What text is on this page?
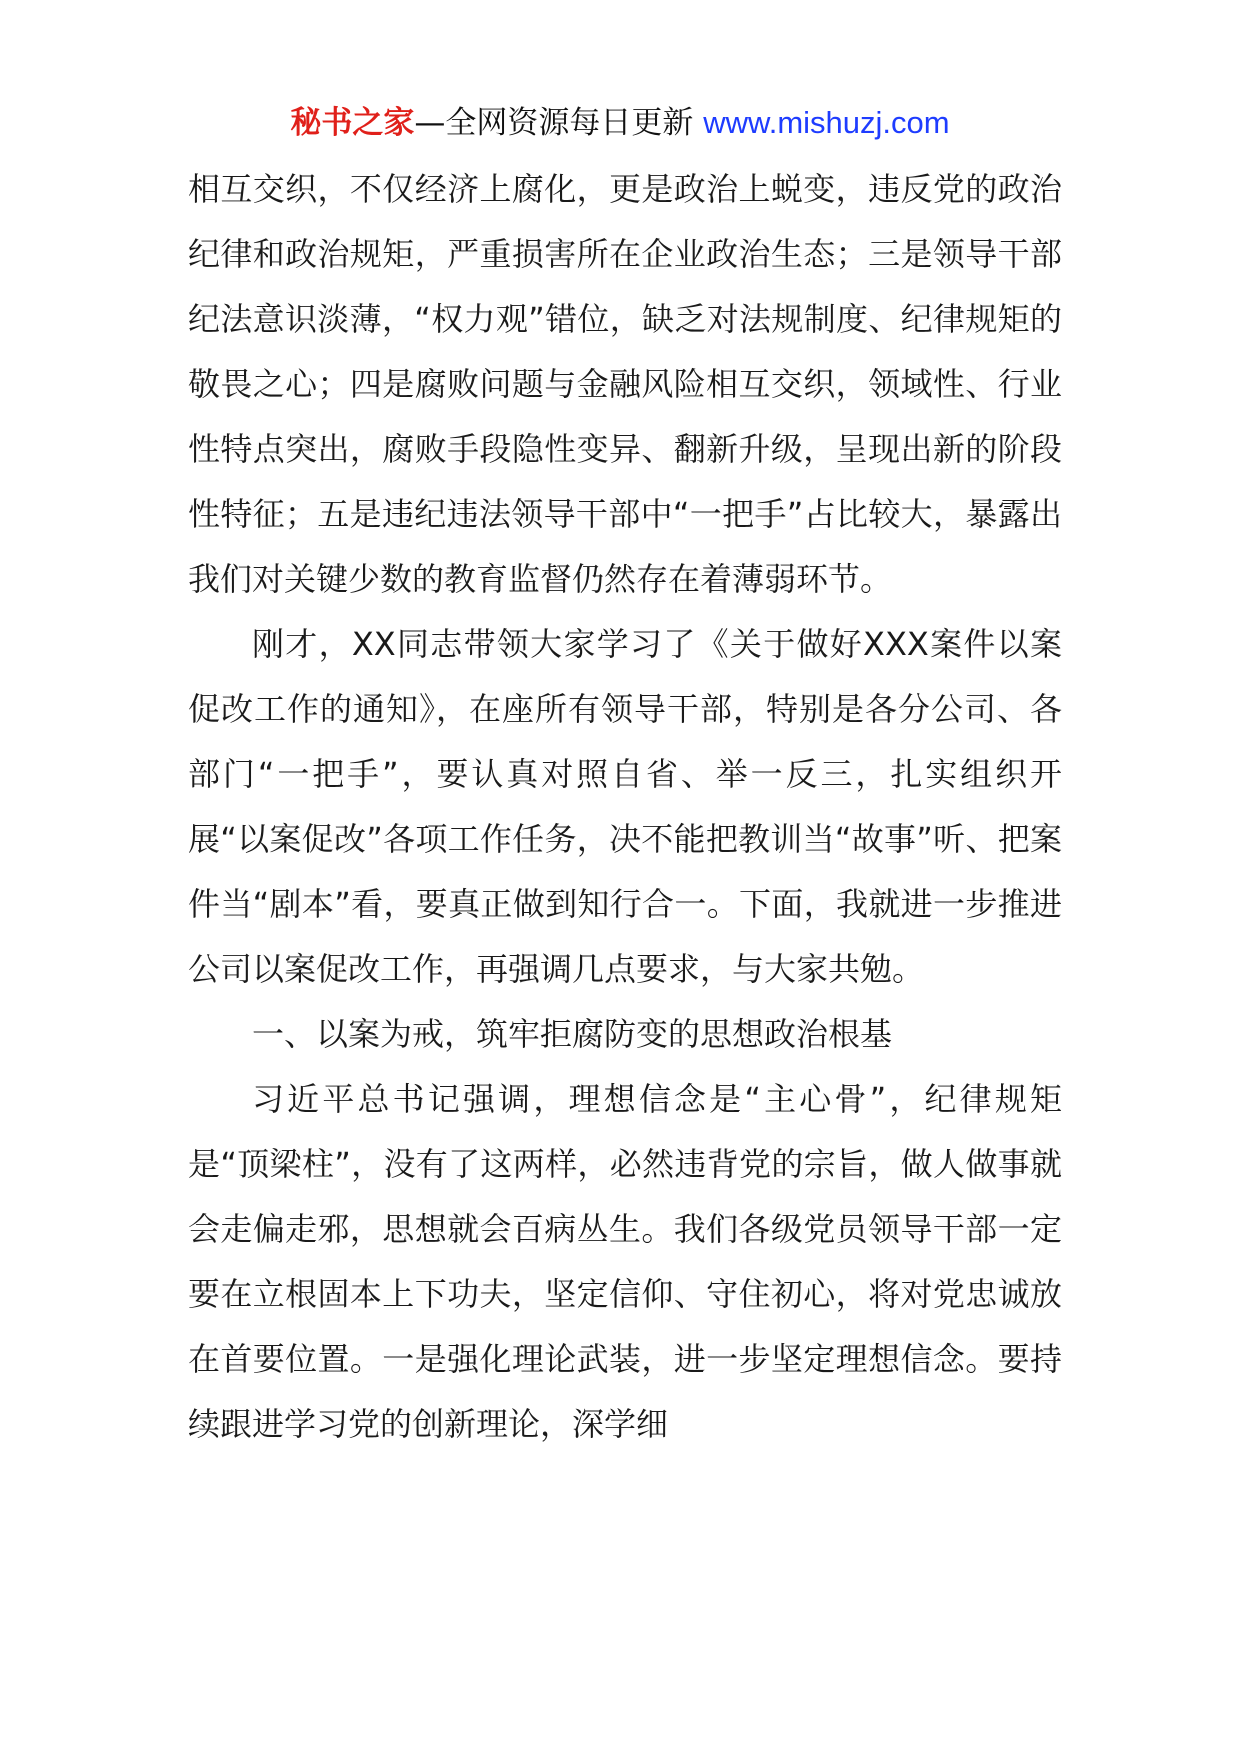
秘书之家—全网资源每日更新 www.mishuzj.com

相互交织，不仅经济上腐化，更是政治上蜕变，违反党的政治纪律和政治规矩，严重损害所在企业政治生态；三是领导干部纪法意识淡薄，“权力观”错位，缺乏对法规制度、纪律规矩的敬畏之心；四是腐败问题与金融风险相互交织，领域性、行业性特点突出，腐败手段隐性变异、翻新升级，呈现出新的阶段性特征；五是违纪违法领导干部中“一把手”占比较大，暴露出我们对关键少数的教育监督仍然存在着薄弱环节。

刚才，XX同志带领大家学习了《关于做好XXX案件以案促改工作的通知》，在座所有领导干部，特别是各分公司、各部门“一把手”，要认真对照自省、举一反三，扎实组织开展“以案促改”各项工作任务，决不能把教训当“故事”听、把案件当“剧本”看，要真正做到知行合一。下面，我就进一步推进公司以案促改工作，再强调几点要求，与大家共勉。

一、以案为戒，筑牢拒腐防变的思想政治根基

习近平总书记强调，理想信念是“主心骨”，纪律规矩是“顶梁柱”，没有了这两样，必然违背党的宗旨，做人做事就会走偏走邪，思想就会百病丛生。我们各级党员领导干部一定要在立根固本上下功夫，坚定信仰、守住初心，将对党忠诚放在首要位置。一是强化理论武装，进一步坚定理想信念。要持续跟进学习党的创新理论，深学细
